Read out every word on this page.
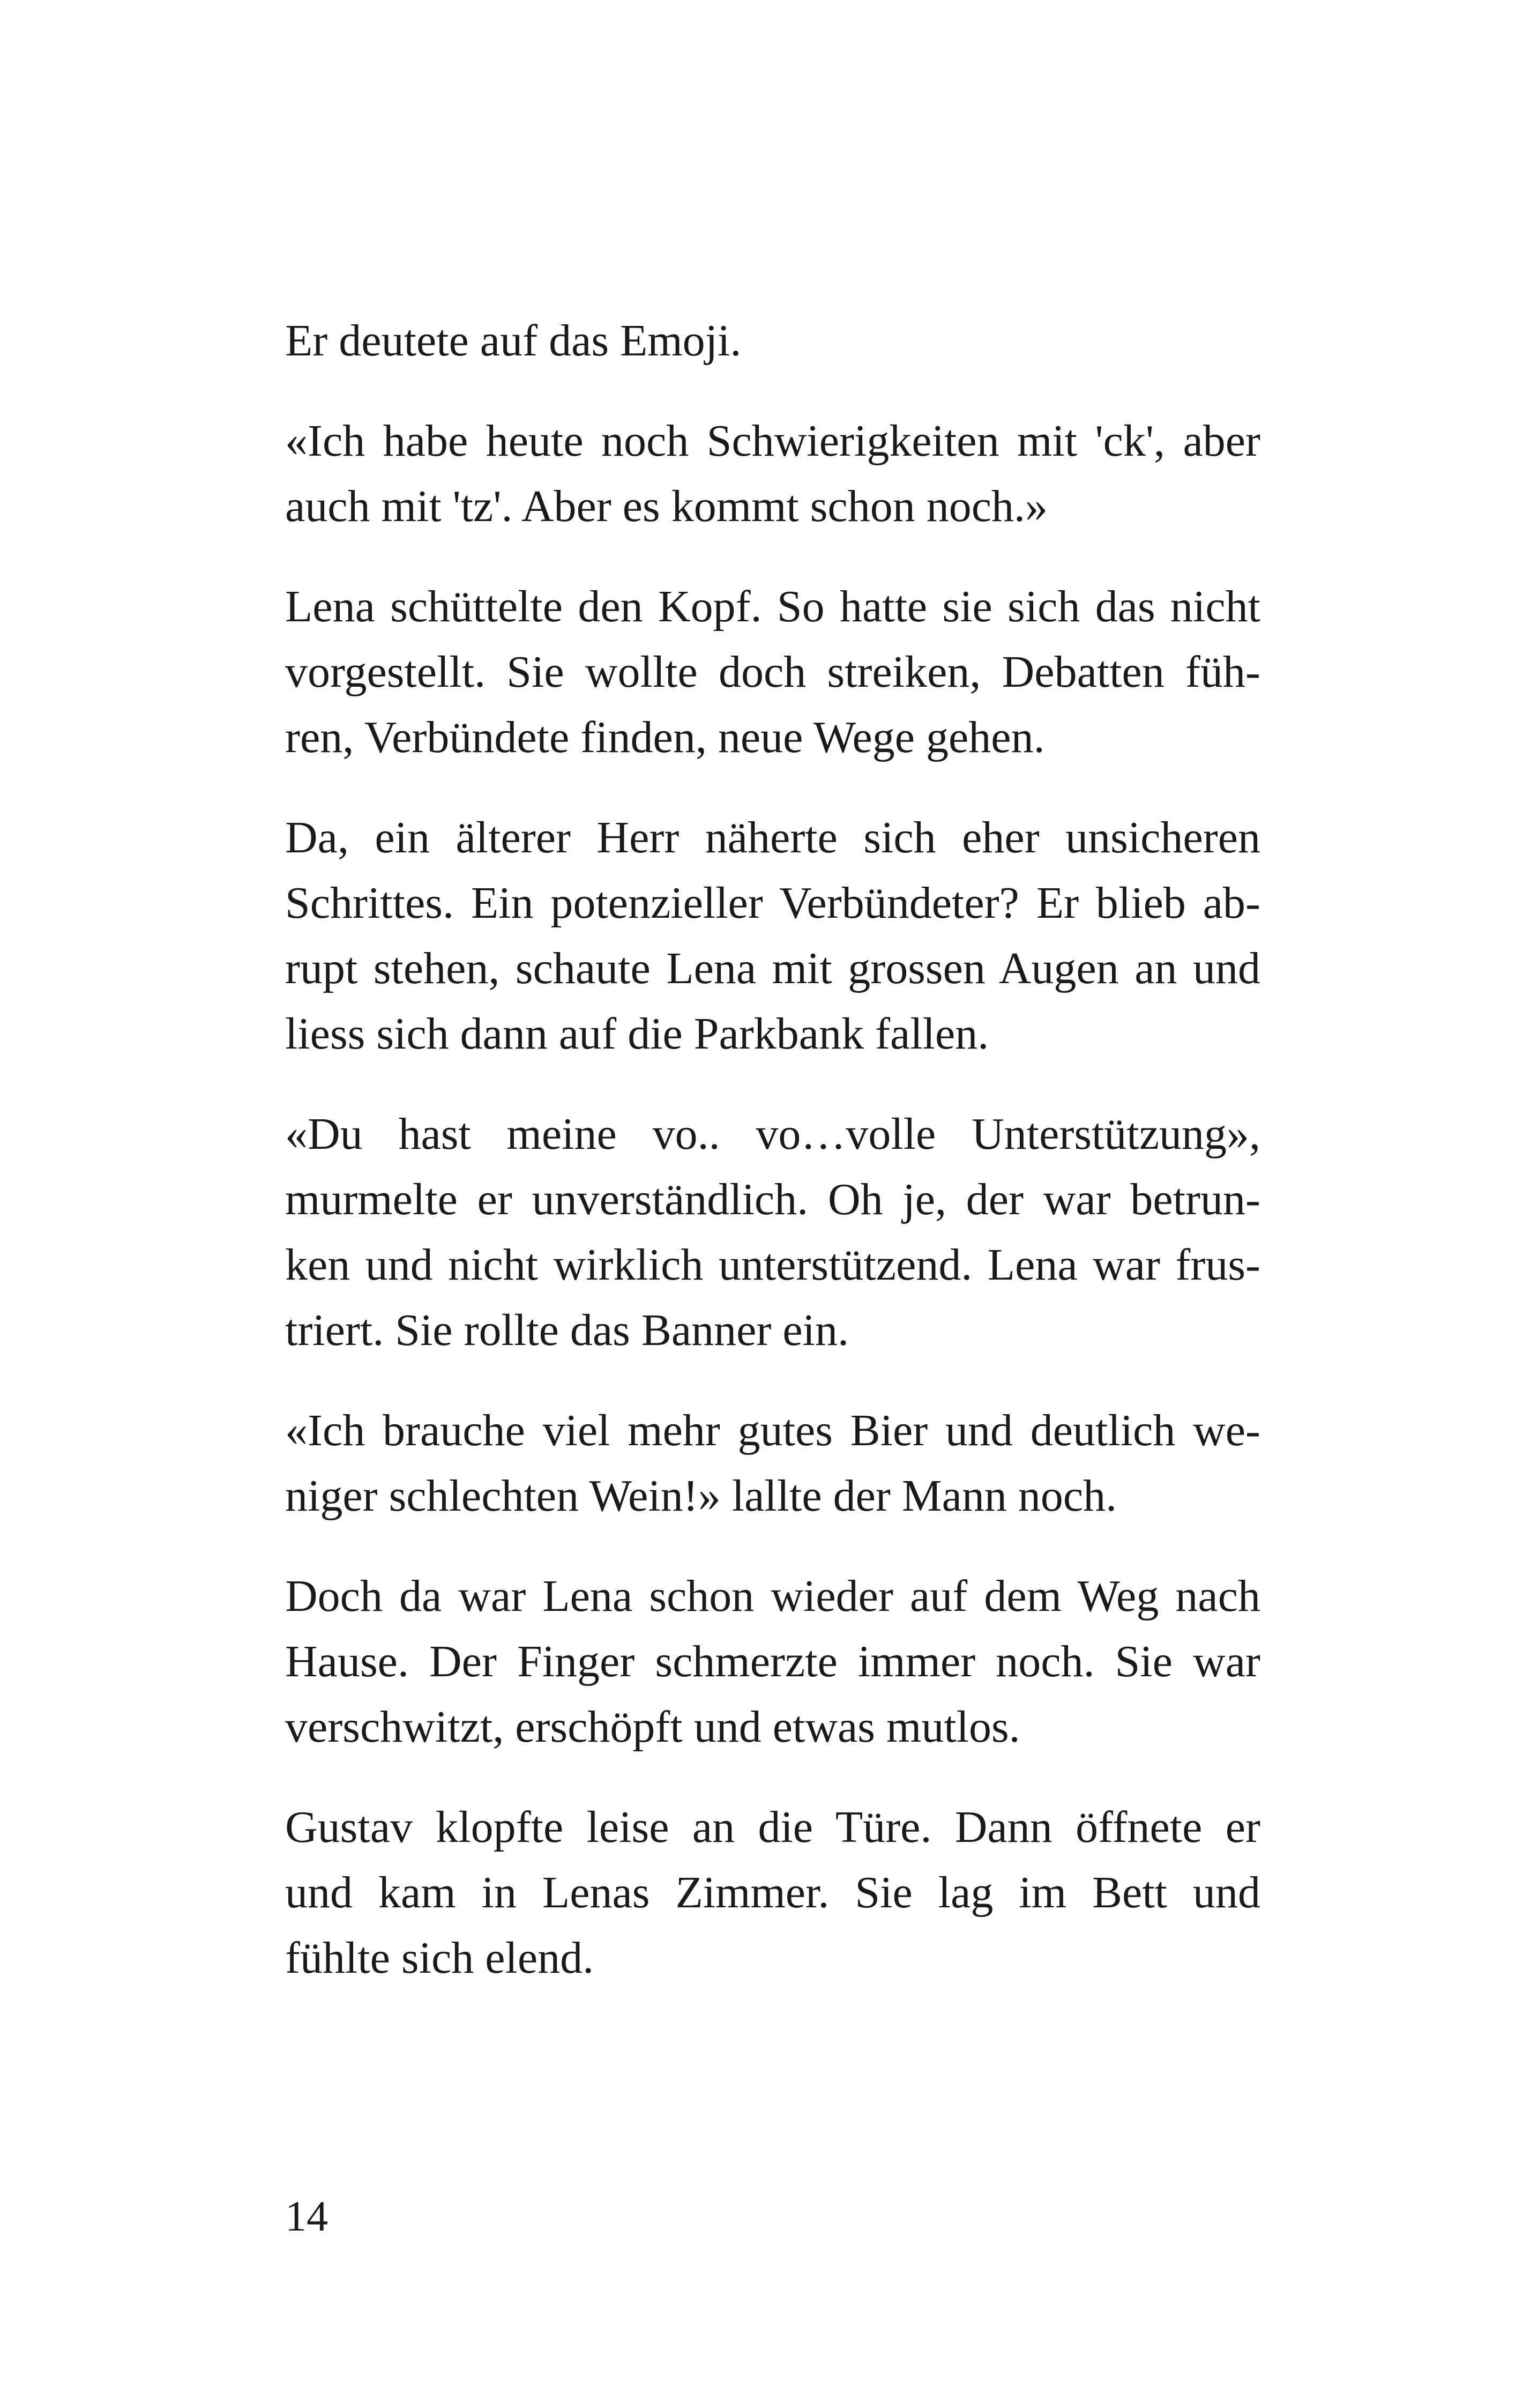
Er deutete auf das Emoji.

«Ich habe heute noch Schwierigkeiten mit 'ck', aber
auch mit 'tz'. Aber es kommt schon noch.»

Lena schüttelte den Kopf. So hatte sie sich das nicht
vorgestellt. Sie wollte doch streiken, Debatten füh-
ren, Verbündete finden, neue Wege gehen.

Da, ein älterer Herr näherte sich eher unsicheren
Schrittes. Ein potenzieller Verbündeter? Er blieb ab-
rupt stehen, schaute Lena mit grossen Augen an und
liess sich dann auf die Parkbank fallen.

«Du hast meine vo.. vo…volle Unterstützung»,
murmelte er unverständlich. Oh je, der war betrun-
ken und nicht wirklich unterstützend. Lena war frus-
triert. Sie rollte das Banner ein.

«Ich brauche viel mehr gutes Bier und deutlich we-
niger schlechten Wein!» lallte der Mann noch.

Doch da war Lena schon wieder auf dem Weg nach
Hause. Der Finger schmerzte immer noch. Sie war
verschwitzt, erschöpft und etwas mutlos.

Gustav klopfte leise an die Türe. Dann öffnete er
und kam in Lenas Zimmer. Sie lag im Bett und
fühlte sich elend.

14
